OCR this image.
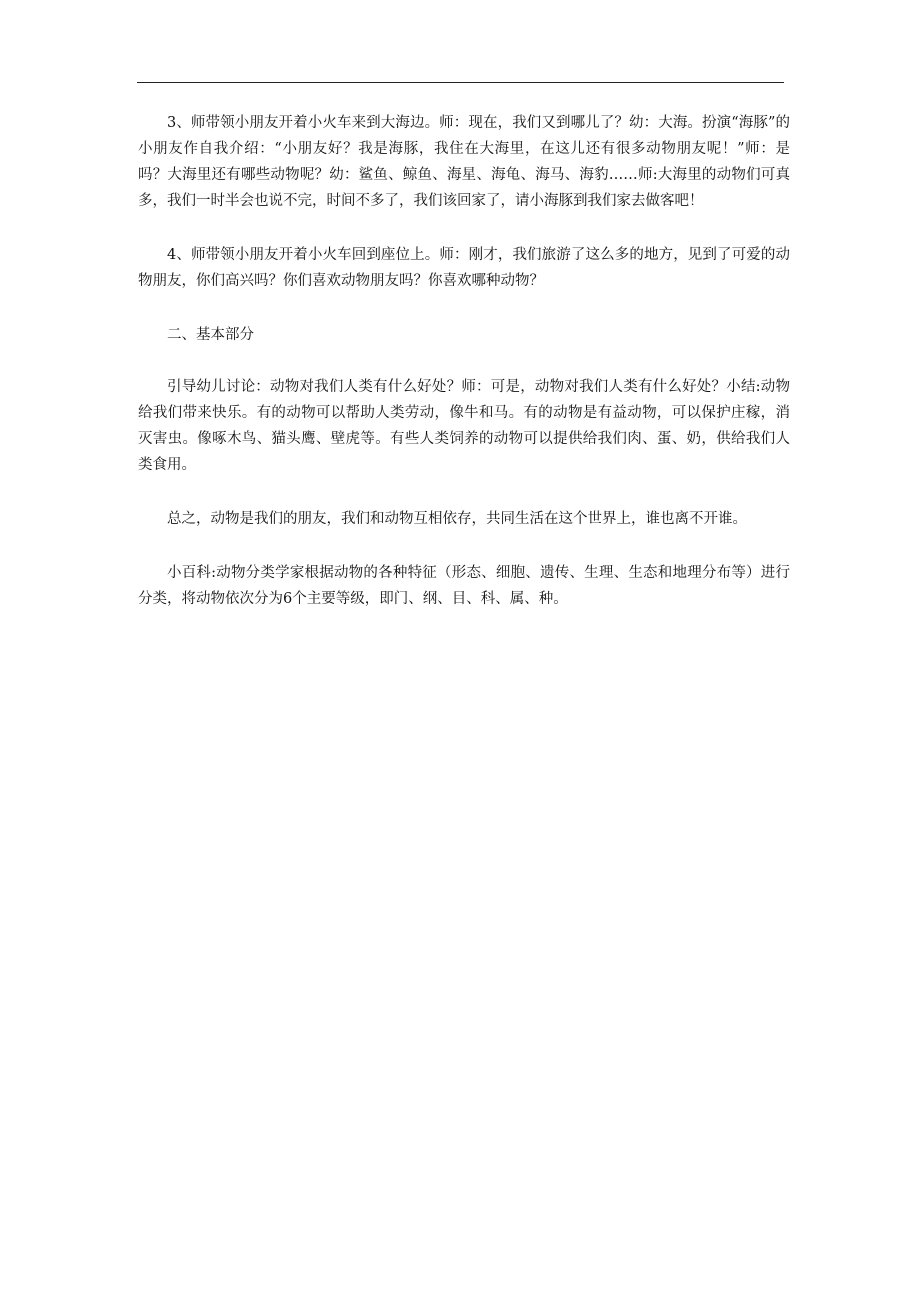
3、师带领小朋友开着小火车来到大海边。师：现在，我们又到哪儿了？幼：大海。扮演“海豚”的小朋友作自我介绍：“小朋友好？我是海豚，我住在大海里，在这儿还有很多动物朋友呢！”师：是吗？大海里还有哪些动物呢？幼：鲨鱼、鲸鱼、海星、海龟、海马、海豹……师:大海里的动物们可真多，我们一时半会也说不完，时间不多了，我们该回家了，请小海豚到我们家去做客吧！

4、师带领小朋友开着小火车回到座位上。师：刚才，我们旅游了这么多的地方，见到了可爱的动物朋友，你们高兴吗？你们喜欢动物朋友吗？你喜欢哪种动物？

二、基本部分

引导幼儿讨论：动物对我们人类有什么好处？师：可是，动物对我们人类有什么好处？小结:动物给我们带来快乐。有的动物可以帮助人类劳动，像牛和马。有的动物是有益动物，可以保护庄稼，消灭害虫。像啄木鸟、猫头鹰、壁虎等。有些人类饲养的动物可以提供给我们肉、蛋、奶，供给我们人类食用。

总之，动物是我们的朋友，我们和动物互相依存，共同生活在这个世界上，谁也离不开谁。

小百科:动物分类学家根据动物的各种特征（形态、细胞、遗传、生理、生态和地理分布等）进行分类，将动物依次分为6个主要等级，即门、纲、目、科、属、种。
